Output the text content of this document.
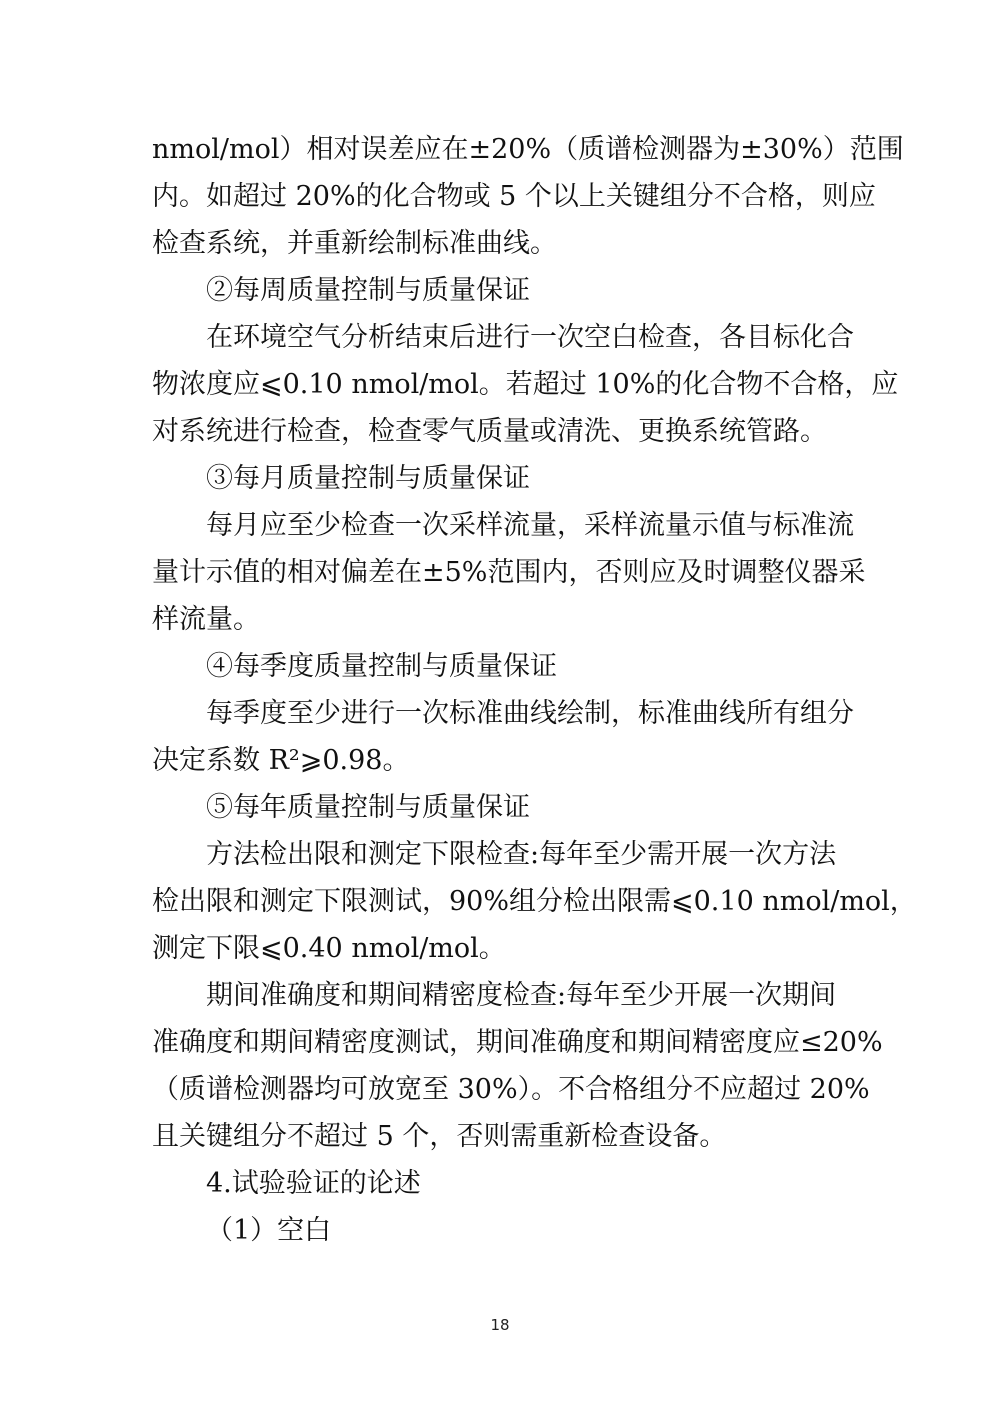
nmol/mol）相对误差应在±20%（质谱检测器为±30%）范围
内。如超过 20%的化合物或 5 个以上关键组分不合格，则应
检查系统，并重新绘制标准曲线。
②每周质量控制与质量保证
在环境空气分析结束后进行一次空白检查，各目标化合
物浓度应⩽0.10 nmol/mol。若超过 10%的化合物不合格，应
对系统进行检查，检查零气质量或清洗、更换系统管路。
③每月质量控制与质量保证
每月应至少检查一次采样流量，采样流量示值与标准流
量计示值的相对偏差在±5%范围内，否则应及时调整仪器采
样流量。
④每季度质量控制与质量保证
每季度至少进行一次标准曲线绘制，标准曲线所有组分
决定系数 R²⩾0.98。
⑤每年质量控制与质量保证
方法检出限和测定下限检查:每年至少需开展一次方法
检出限和测定下限测试，90%组分检出限需⩽0.10 nmol/mol，
测定下限⩽0.40 nmol/mol。
期间准确度和期间精密度检查:每年至少开展一次期间
准确度和期间精密度测试，期间准确度和期间精密度应≤20%
（质谱检测器均可放宽至 30%）。不合格组分不应超过 20%
且关键组分不超过 5 个，否则需重新检查设备。
4.试验验证的论述
（1）空白
18
